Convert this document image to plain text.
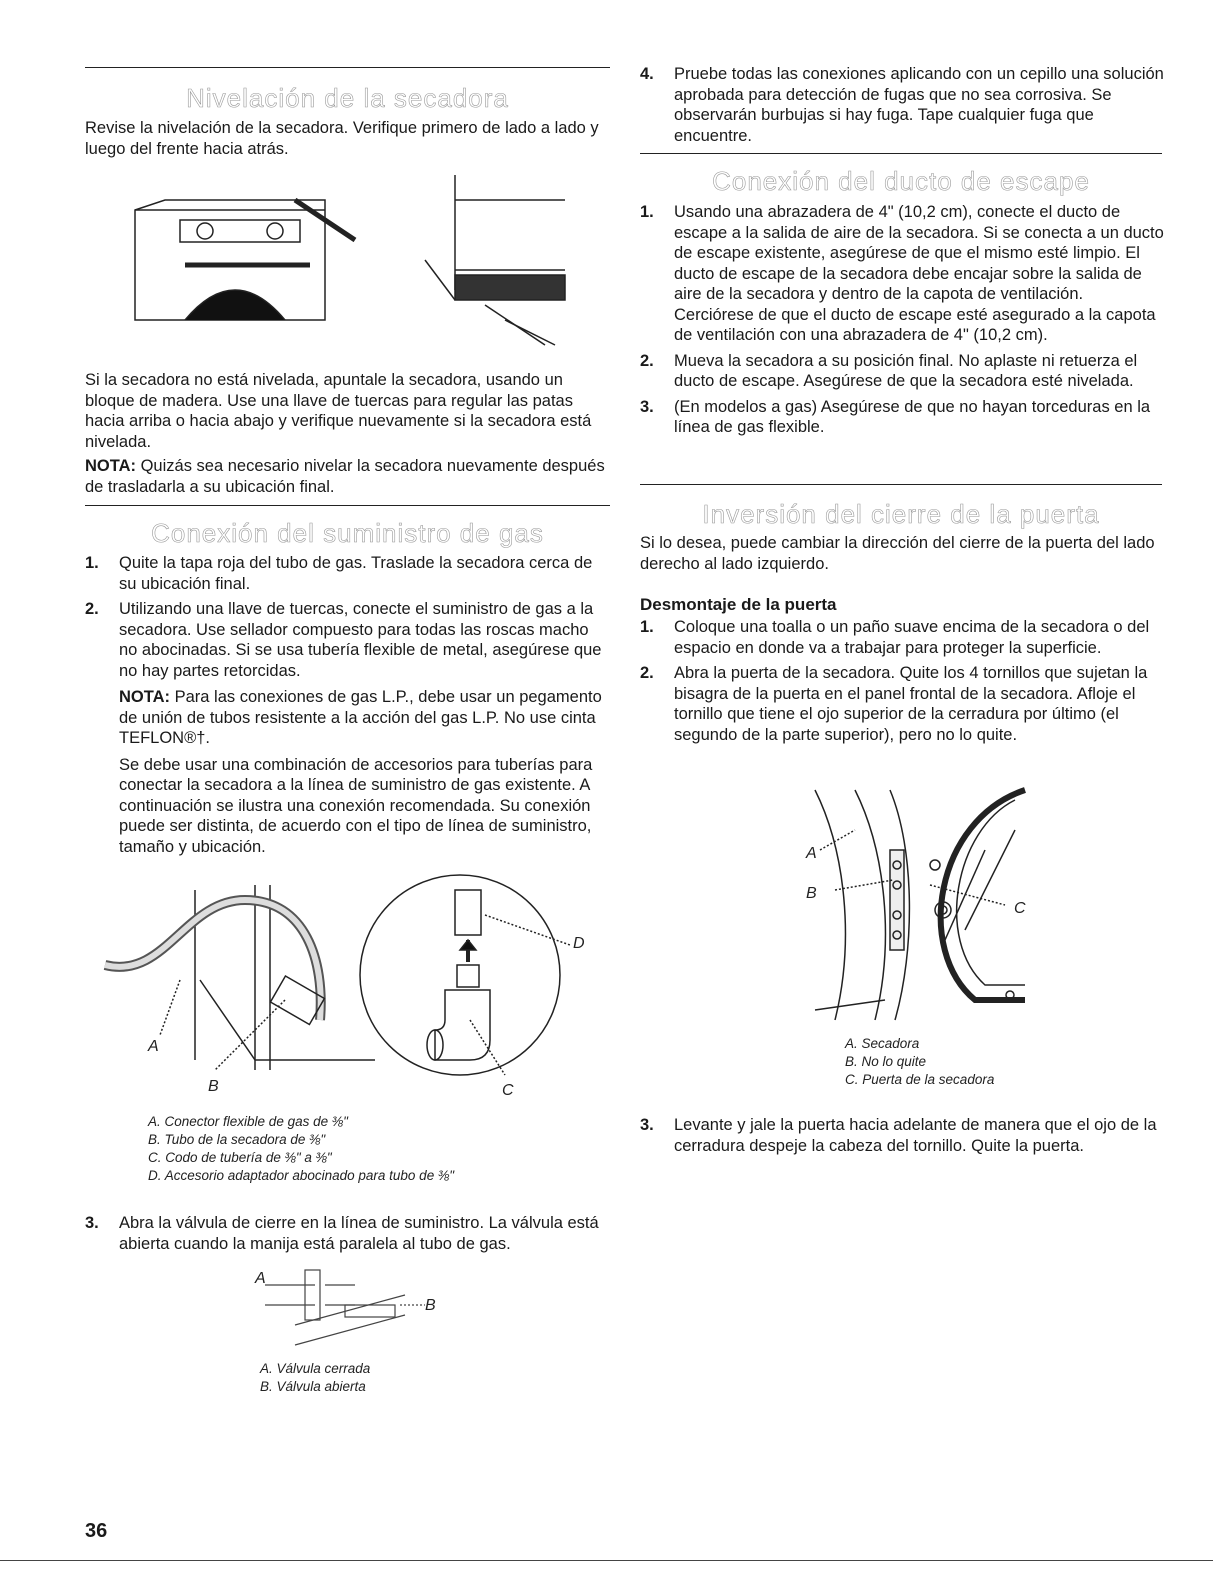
Nivelación de la secadora

Revise la nivelación de la secadora. Verifique primero de lado a lado y luego del frente hacia atrás.

Si la secadora no está nivelada, apuntale la secadora, usando un bloque de madera. Use una llave de tuercas para regular las patas hacia arriba o hacia abajo y verifique nuevamente si la secadora está nivelada.

NOTA: Quizás sea necesario nivelar la secadora nuevamente después de trasladarla a su ubicación final.

Conexión del suministro de gas
1. Quite la tapa roja del tubo de gas. Traslade la secadora cerca de su ubicación final.
2. Utilizando una llave de tuercas, conecte el suministro de gas a la secadora. Use sellador compuesto para todas las roscas macho no abocinadas. Si se usa tubería flexible de metal, asegúrese que no hay partes retorcidas.
NOTA: Para las conexiones de gas L.P., debe usar un pegamento de unión de tubos resistente a la acción del gas L.P. No use cinta TEFLON®†.
Se debe usar una combinación de accesorios para tuberías para conectar la secadora a la línea de suministro de gas existente. A continuación se ilustra una conexión recomendada. Su conexión puede ser distinta, de acuerdo con el tipo de línea de suministro, tamaño y ubicación.
D
A
B	C
A. Conector flexible de gas de ⅜"
B. Tubo de la secadora de ⅜"
C. Codo de tubería de ⅜" a ⅜"
D. Accesorio adaptador abocinado para tubo de ⅜"
3. Abra la válvula de cierre en la línea de suministro. La válvula está abierta cuando la manija está paralela al tubo de gas.
A
B
A. Válvula cerrada
B. Válvula abierta
4. Pruebe todas las conexiones aplicando con un cepillo una solución aprobada para detección de fugas que no sea corrosiva. Se observarán burbujas si hay fuga. Tape cualquier fuga que encuentre.
Conexión del ducto de escape
1. Usando una abrazadera de 4" (10,2 cm), conecte el ducto de escape a la salida de aire de la secadora. Si se conecta a un ducto de escape existente, asegúrese de que el mismo esté limpio. El ducto de escape de la secadora debe encajar sobre la salida de aire de la secadora y dentro de la capota de ventilación. Cerciórese de que el ducto de escape esté asegurado a la capota de ventilación con una abrazadera de 4" (10,2 cm).
2. Mueva la secadora a su posición final. No aplaste ni retuerza el ducto de escape. Asegúrese de que la secadora esté nivelada.
3. (En modelos a gas) Asegúrese de que no hayan torceduras en la línea de gas flexible.
Inversión del cierre de la puerta

Si lo desea, puede cambiar la dirección del cierre de la puerta del lado derecho al lado izquierdo.

Desmontaje de la puerta
1. Coloque una toalla o un paño suave encima de la secadora o del espacio en donde va a trabajar para proteger la superficie.
2. Abra la puerta de la secadora. Quite los 4 tornillos que sujetan la bisagra de la puerta en el panel frontal de la secadora. Afloje el tornillo que tiene el ojo superior de la cerradura por último (el segundo de la parte superior), pero no lo quite.
A
B
C
A. Secadora
B. No lo quite
C. Puerta de la secadora
3. Levante y jale la puerta hacia adelante de manera que el ojo de la cerradura despeje la cabeza del tornillo. Quite la puerta.
36
